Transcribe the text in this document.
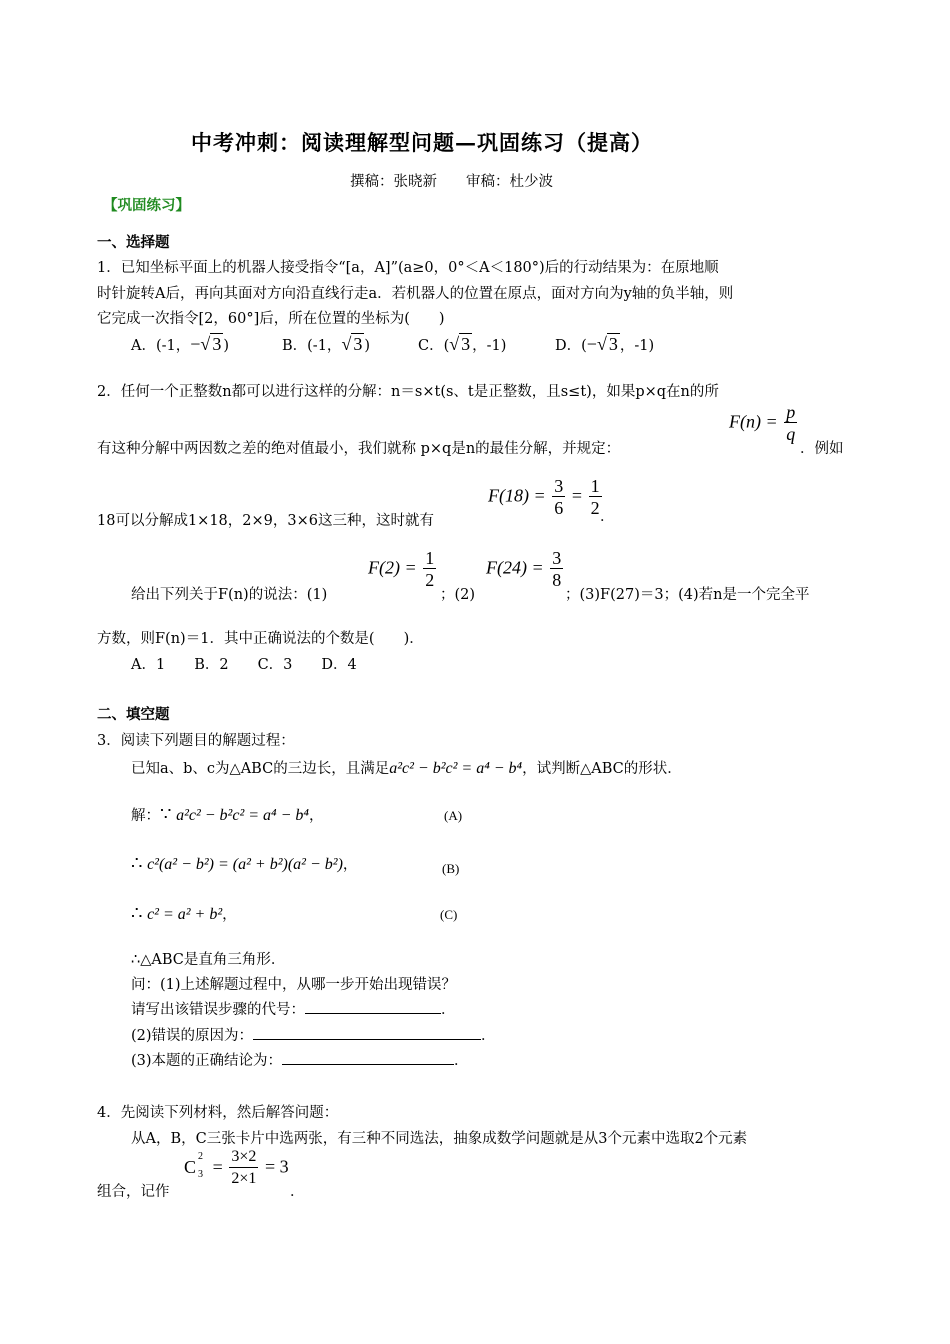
中考冲刺：阅读理解型问题—巩固练习（提高）
撰稿：张晓新　　审稿：杜少波
【巩固练习】
一、选择题
1．已知坐标平面上的机器人接受指令“[a，A]”(a≥0，0°＜A＜180°)后的行动结果为：在原地顺
时针旋转A后，再向其面对方向沿直线行走a．若机器人的位置在原点，面对方向为y轴的负半轴，则
它完成一次指令[2，60°]后，所在位置的坐标为(　　)
A．(-1，−√ 3 )	B．(-1，√ 3 )	C．(√ 3 ，-1)	D．(−√ 3 ，-1)
2．任何一个正整数n都可以进行这样的分解：n＝s×t(s、t是正整数，且s≤t)，如果p×q在n的所
$F(n) = \frac{p}{q}$
有这种分解中两因数之差的绝对值最小，我们就称 p×q是n的最佳分解，并规定：	．例如
$F(18) = \frac{3}{6} = \frac{1}{2}$
18可以分解成1×18，2×9，3×6这三种，这时就有	．
$F(2) = \frac{1}{2}$	$F(24) = \frac{3}{8}$
给出下列关于F(n)的说法：(1)	；(2)	；(3)F(27)＝3；(4)若n是一个完全平
方数，则F(n)＝1．其中正确说法的个数是(　　)．
A．1　　B．2　　C．3　　D．4
二、填空题
3．阅读下列题目的解题过程：
已知a、b、c为△ABC的三边长，且满足a²c² − b²c² = a⁴ − b⁴，试判断△ABC的形状．
解：∵ a²c² − b²c² = a⁴ − b⁴，	(A)
∴ c²(a² − b²) = (a² + b²)(a² − b²)，	(B)
∴ c² = a² + b²，	(C)
∴△ABC是直角三角形．
问：(1)上述解题过程中，从哪一步开始出现错误？
请写出该错误步骤的代号：	．
(2)错误的原因为：	．
(3)本题的正确结论为：	．
4．先阅读下列材料，然后解答问题：
从A，B，C三张卡片中选两张，有三种不同选法，抽象成数学问题就是从3个元素中选取2个元素
C
2
$3 = \frac{3\times 2}{2\times 1} = 3$
组合，记作	．
